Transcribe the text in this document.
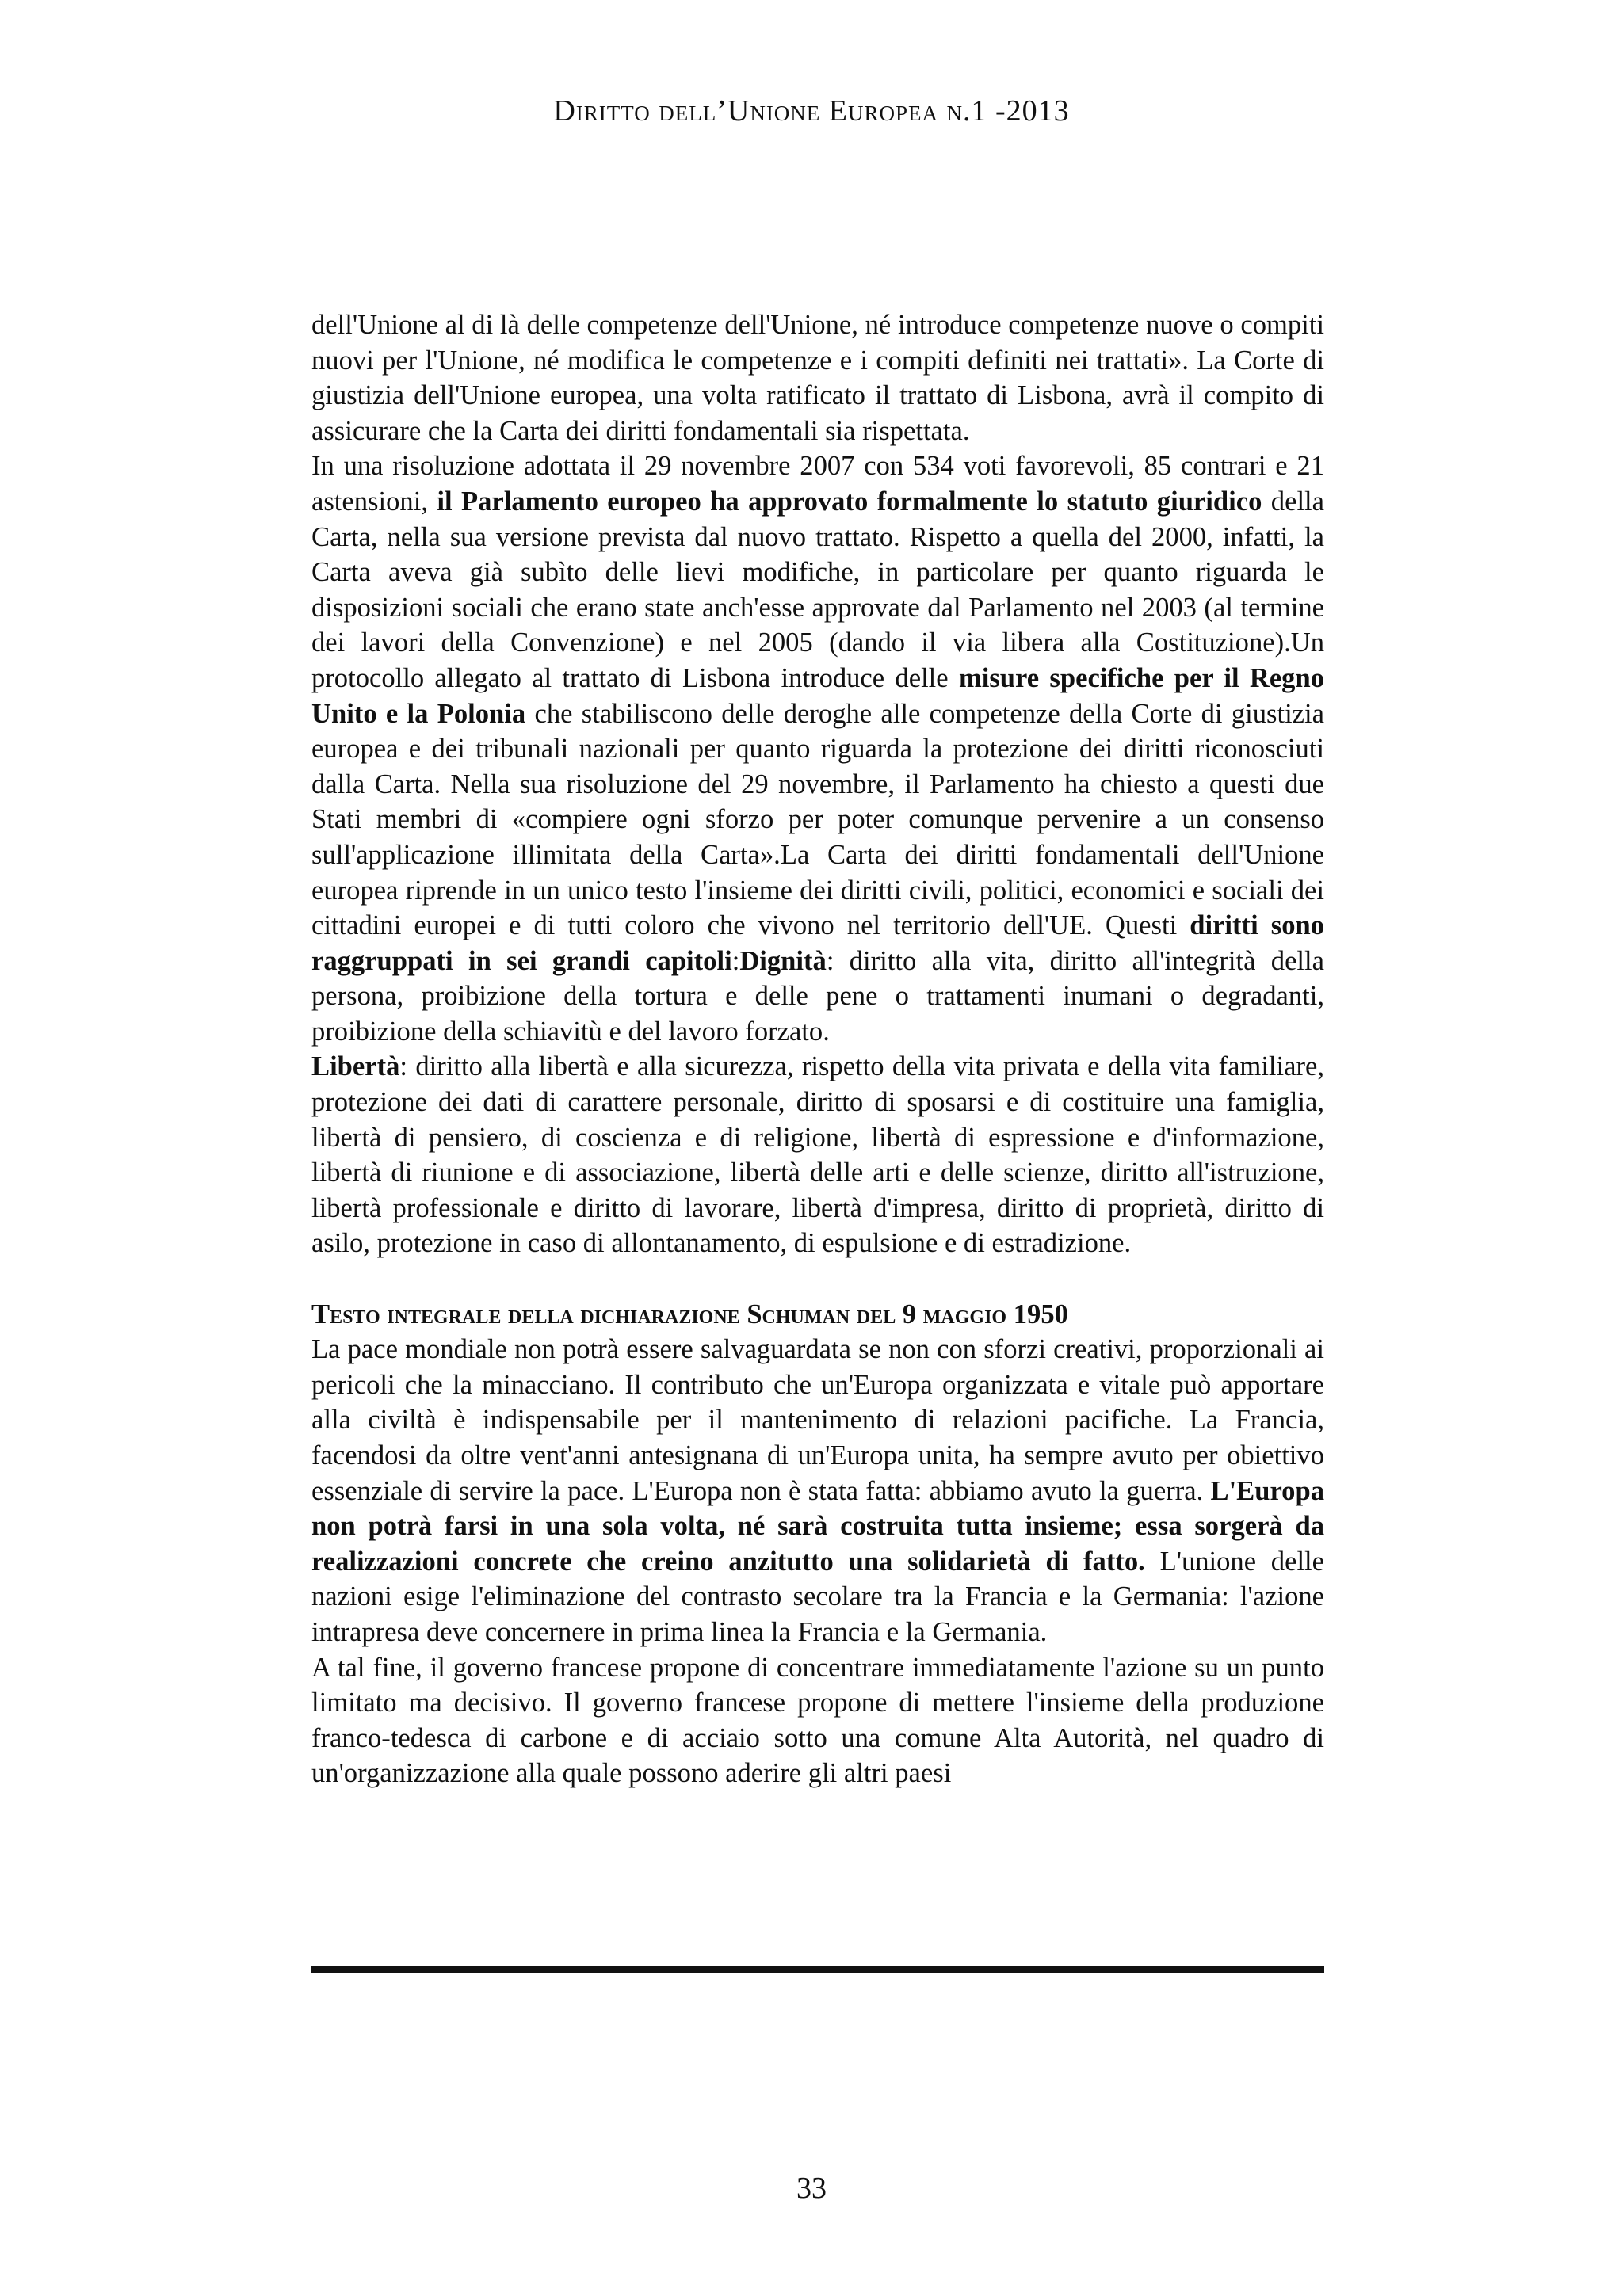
Diritto dell’Unione Europea n.1 -2013

dell'Unione al di là delle competenze dell'Unione, né introduce competenze nuove o compiti nuovi per l'Unione, né modifica le competenze e i compiti definiti nei trattati». La Corte di giustizia dell'Unione europea, una volta ratificato il trattato di Lisbona, avrà il compito di assicurare che la Carta dei diritti fondamentali sia rispettata.

In una risoluzione adottata il 29 novembre 2007 con 534 voti favorevoli, 85 contrari e 21 astensioni, il Parlamento europeo ha approvato formalmente lo statuto giuridico della Carta, nella sua versione prevista dal nuovo trattato. Rispetto a quella del 2000, infatti, la Carta aveva già subìto delle lievi modifiche, in particolare per quanto riguarda le disposizioni sociali che erano state anch'esse approvate dal Parlamento nel 2003 (al termine dei lavori della Convenzione) e nel 2005 (dando il via libera alla Costituzione).Un protocollo allegato al trattato di Lisbona introduce delle misure specifiche per il Regno Unito e la Polonia che stabiliscono delle deroghe alle competenze della Corte di giustizia europea e dei tribunali nazionali per quanto riguarda la protezione dei diritti riconosciuti dalla Carta. Nella sua risoluzione del 29 novembre, il Parlamento ha chiesto a questi due Stati membri di «compiere ogni sforzo per poter comunque pervenire a un consenso sull'applicazione illimitata della Carta».La Carta dei diritti fondamentali dell'Unione europea riprende in un unico testo l'insieme dei diritti civili, politici, economici e sociali dei cittadini europei e di tutti coloro che vivono nel territorio dell'UE. Questi diritti sono raggruppati in sei grandi capitoli:Dignità: diritto alla vita, diritto all'integrità della persona, proibizione della tortura e delle pene o trattamenti inumani o degradanti, proibizione della schiavitù e del lavoro forzato.

Libertà: diritto alla libertà e alla sicurezza, rispetto della vita privata e della vita familiare, protezione dei dati di carattere personale, diritto di sposarsi e di costituire una famiglia, libertà di pensiero, di coscienza e di religione, libertà di espressione e d'informazione, libertà di riunione e di associazione, libertà delle arti e delle scienze, diritto all'istruzione, libertà professionale e diritto di lavorare, libertà d'impresa, diritto di proprietà, diritto di asilo, protezione in caso di allontanamento, di espulsione e di estradizione.

Testo integrale della dichiarazione Schuman del 9 maggio 1950

La pace mondiale non potrà essere salvaguardata se non con sforzi creativi, proporzionali ai pericoli che la minacciano. Il contributo che un'Europa organizzata e vitale può apportare alla civiltà è indispensabile per il mantenimento di relazioni pacifiche. La Francia, facendosi da oltre vent'anni antesignana di un'Europa unita, ha sempre avuto per obiettivo essenziale di servire la pace. L'Europa non è stata fatta: abbiamo avuto la guerra. L'Europa non potrà farsi in una sola volta, né sarà costruita tutta insieme; essa sorgerà da realizzazioni concrete che creino anzitutto una solidarietà di fatto. L'unione delle nazioni esige l'eliminazione del contrasto secolare tra la Francia e la Germania: l'azione intrapresa deve concernere in prima linea la Francia e la Germania.

A tal fine, il governo francese propone di concentrare immediatamente l'azione su un punto limitato ma decisivo. Il governo francese propone di mettere l'insieme della produzione franco-tedesca di carbone e di acciaio sotto una comune Alta Autorità, nel quadro di un'organizzazione alla quale possono aderire gli altri paesi

33
